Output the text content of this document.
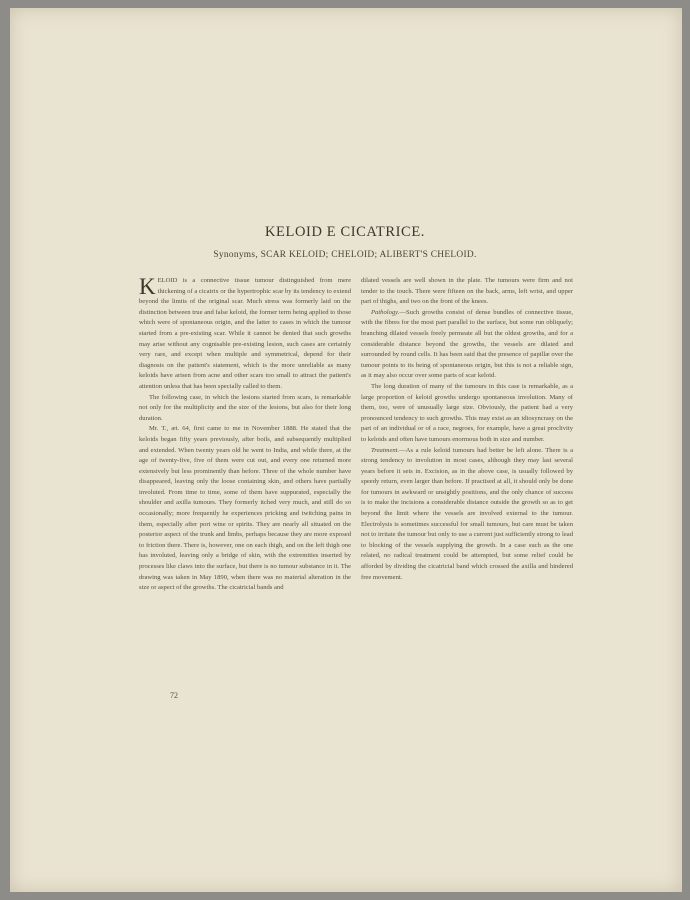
KELOID E CICATRICE.
Synonyms, SCAR KELOID; CHELOID; ALIBERT'S CHELOID.

KELOID is a connective tissue tumour distinguished from mere thickening of a cicatrix or the hypertrophic scar by its tendency to extend beyond the limits of the original scar. Much stress was formerly laid on the distinction between true and false keloid, the former term being applied to those which were of spontaneous origin, and the latter to cases in which the tumour started from a pre-existing scar. While it cannot be denied that such growths may arise without any cognisable pre-existing lesion, such cases are certainly very rare, and except when multiple and symmetrical, depend for their diagnosis on the patient's statement, which is the more unreliable as many keloids have arisen from acne and other scars too small to attract the patient's attention unless that has been specially called to them.

The following case, in which the lesions started from scars, is remarkable not only for the multiplicity and the size of the lesions, but also for their long duration.

Mr. T., æt. 64, first came to me in November 1888. He stated that the keloids began fifty years previously, after boils, and subsequently multiplied and extended. When twenty years old he went to India, and while there, at the age of twenty-five, five of them were cut out, and every one returned more extensively but less prominently than before. Three of the whole number have disappeared, leaving only the loose containing skin, and others have partially involuted. From time to time, some of them have suppurated, especially the shoulder and axilla tumours. They formerly itched very much, and still do so occasionally; more frequently he experiences pricking and twitching pains in them, especially after port wine or spirits. They are nearly all situated on the posterior aspect of the trunk and limbs, perhaps because they are more exposed to friction there. There is, however, one on each thigh, and on the left thigh one has involuted, leaving only a bridge of skin, with the extremities inserted by processes like claws into the surface, but there is no tumour substance in it. The drawing was taken in May 1890, when there was no material alteration in the size or aspect of the growths. The cicatricial bands and

dilated vessels are well shown in the plate. The tumours were firm and not tender to the touch. There were fifteen on the back, arms, left wrist, and upper part of thighs, and two on the front of the knees.

Pathology.—Such growths consist of dense bundles of connective tissue, with the fibres for the most part parallel to the surface, but some run obliquely; branching dilated vessels freely permeate all but the oldest growths, and for a considerable distance beyond the growths, the vessels are dilated and surrounded by round cells. It has been said that the presence of papillæ over the tumour points to its being of spontaneous origin, but this is not a reliable sign, as it may also occur over some parts of scar keloid.

The long duration of many of the tumours in this case is remarkable, as a large proportion of keloid growths undergo spontaneous involution. Many of them, too, were of unusually large size. Obviously, the patient had a very pronounced tendency to such growths. This may exist as an idiosyncrasy on the part of an individual or of a race, negroes, for example, have a great proclivity to keloids and often have tumours enormous both in size and number.

Treatment.—As a rule keloid tumours had better be left alone. There is a strong tendency to involution in most cases, although they may last several years before it sets in. Excision, as in the above case, is usually followed by speedy return, even larger than before. If practised at all, it should only be done for tumours in awkward or unsightly positions, and the only chance of success is to make the incisions a considerable distance outside the growth so as to get beyond the limit where the vessels are involved external to the tumour. Electrolysis is sometimes successful for small tumours, but care must be taken not to irritate the tumour but only to use a current just sufficiently strong to lead to blocking of the vessels supplying the growth. In a case such as the one related, no radical treatment could be attempted, but some relief could be afforded by dividing the cicatricial band which crossed the axilla and hindered free movement.

72
